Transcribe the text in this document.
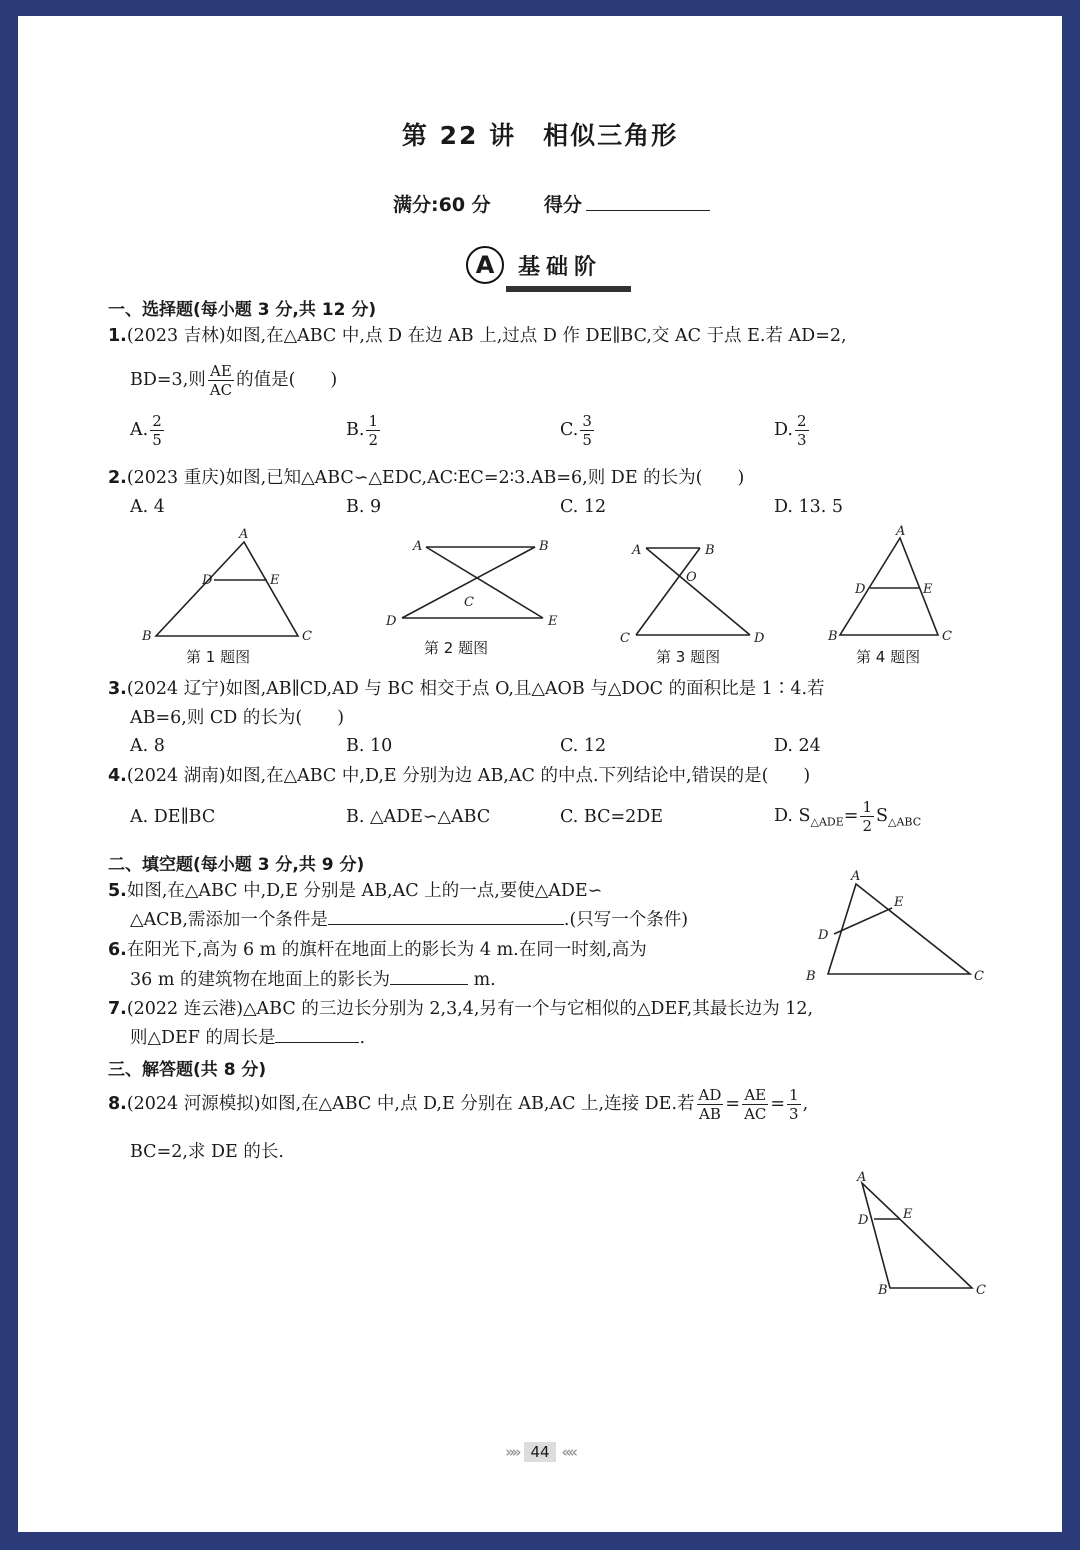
第 22 讲　相似三角形
满分:60 分	得分
A 基础阶
一、选择题(每小题 3 分,共 12 分)
1.(2023 吉林)如图,在△ABC 中,点 D 在边 AB 上,过点 D 作 DE∥BC,交 AC 于点 E.若 AD=2,
BD=3,则 $\frac{AE}{AC}$ 的值是(　　)
A. $\frac{2}{5}$	B. $\frac{1}{2}$	C. $\frac{3}{5}$	D. $\frac{2}{3}$
2.(2023 重庆)如图,已知△ABC∽△EDC,AC∶EC=2∶3.AB=6,则 DE 的长为(　　)
A. 4	B. 9	C. 12	D. 13. 5
A
D	E
B	C
第 1 题图
A	B
C
D	E
第 2 题图
A	B
O
C	D
第 3 题图
A
D	E
B	C
第 4 题图
3.(2024 辽宁)如图,AB∥CD,AD 与 BC 相交于点 O,且△AOB 与△DOC 的面积比是 1∶4.若
AB=6,则 CD 的长为(　　)
A. 8	B. 10	C. 12	D. 24
4.(2024 湖南)如图,在△ABC 中,D,E 分别为边 AB,AC 的中点.下列结论中,错误的是(　　)
A. DE∥BC	B. △ADE∽△ABC	C. BC=2DE	D. $S_{\triangle ADE}= \frac{1}{2} S_{\triangle ABC}$
二、填空题(每小题 3 分,共 9 分)
5.如图,在△ABC 中,D,E 分别是 AB,AC 上的一点,要使△ADE∽
△ACB,需添加一个条件是	.(只写一个条件)
6.在阳光下,高为 6 m 的旗杆在地面上的影长为 4 m.在同一时刻,高为
36 m 的建筑物在地面上的影长为	m.
A
D
E
B	C
7.(2022 连云港)△ABC 的三边长分别为 2,3,4,另有一个与它相似的△DEF,其最长边为 12,
则△DEF 的周长是	.
三、解答题(共 8 分)
8.(2024 河源模拟)如图,在△ABC 中,点 D,E 分别在 AB,AC 上,连接 DE.若 $\frac{AD}{AB} = \frac{AE}{AC} = \frac{1}{3}$ ,
BC=2,求 DE 的长.
A
D	E
B	C
»» 44 ««
